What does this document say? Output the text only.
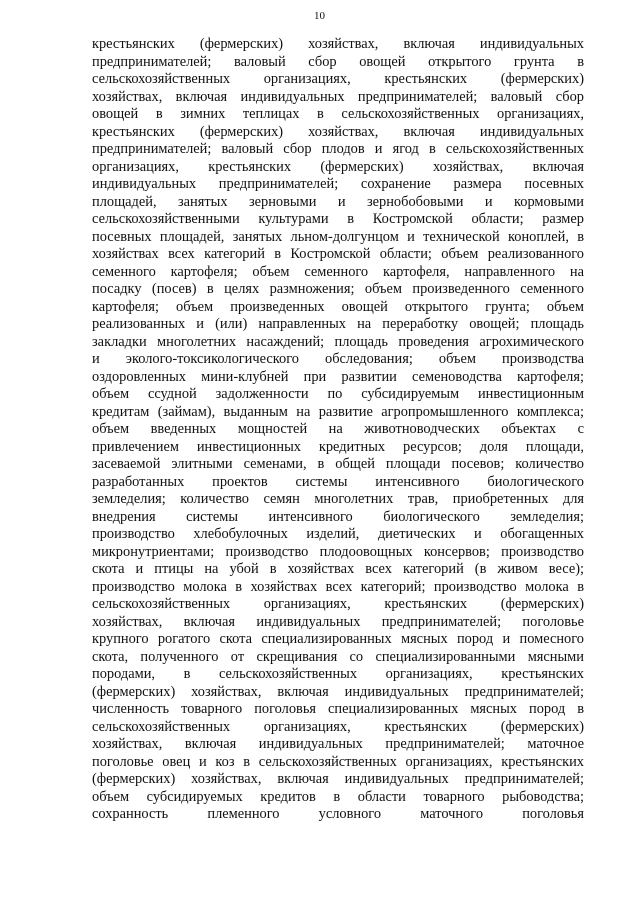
10
крестьянских (фермерских) хозяйствах, включая индивидуальных
предпринимателей; валовый сбор овощей открытого грунта в
сельскохозяйственных организациях, крестьянских (фермерских)
хозяйствах, включая индивидуальных предпринимателей; валовый сбор
овощей в зимних теплицах в сельскохозяйственных организациях,
крестьянских (фермерских) хозяйствах, включая индивидуальных
предпринимателей; валовый сбор плодов и ягод в сельскохозяйственных
организациях, крестьянских (фермерских) хозяйствах, включая
индивидуальных предпринимателей; сохранение размера посевных
площадей, занятых зерновыми и зернобобовыми и кормовыми
сельскохозяйственными культурами в Костромской области; размер
посевных площадей, занятых льном-долгунцом и технической коноплей, в
хозяйствах всех категорий в Костромской области; объем реализованного
семенного картофеля; объем семенного картофеля, направленного на
посадку (посев) в целях размножения; объем произведенного семенного
картофеля; объем произведенных овощей открытого грунта; объем
реализованных и (или) направленных на переработку овощей; площадь
закладки многолетних насаждений; площадь проведения агрохимического
и эколого-токсикологического обследования; объем производства
оздоровленных мини-клубней при развитии семеноводства картофеля;
объем ссудной задолженности по субсидируемым инвестиционным
кредитам (займам), выданным на развитие агропромышленного комплекса;
объем введенных мощностей на животноводческих объектах с
привлечением инвестиционных кредитных ресурсов; доля площади,
засеваемой элитными семенами, в общей площади посевов; количество
разработанных проектов системы интенсивного биологического
земледелия; количество семян многолетних трав, приобретенных для
внедрения системы интенсивного биологического земледелия;
производство хлебобулочных изделий, диетических и обогащенных
микронутриентами; производство плодоовощных консервов; производство
скота и птицы на убой в хозяйствах всех категорий (в живом весе);
производство молока в хозяйствах всех категорий; производство молока в
сельскохозяйственных организациях, крестьянских (фермерских)
хозяйствах, включая индивидуальных предпринимателей; поголовье
крупного рогатого скота специализированных мясных пород и помесного
скота, полученного от скрещивания со специализированными мясными
породами, в сельскохозяйственных организациях, крестьянских
(фермерских) хозяйствах, включая индивидуальных предпринимателей;
численность товарного поголовья специализированных мясных пород в
сельскохозяйственных организациях, крестьянских (фермерских)
хозяйствах, включая индивидуальных предпринимателей; маточное
поголовье овец и коз в сельскохозяйственных организациях, крестьянских
(фермерских) хозяйствах, включая индивидуальных предпринимателей;
объем субсидируемых кредитов в области товарного рыбоводства;
сохранность племенного условного маточного поголовья
